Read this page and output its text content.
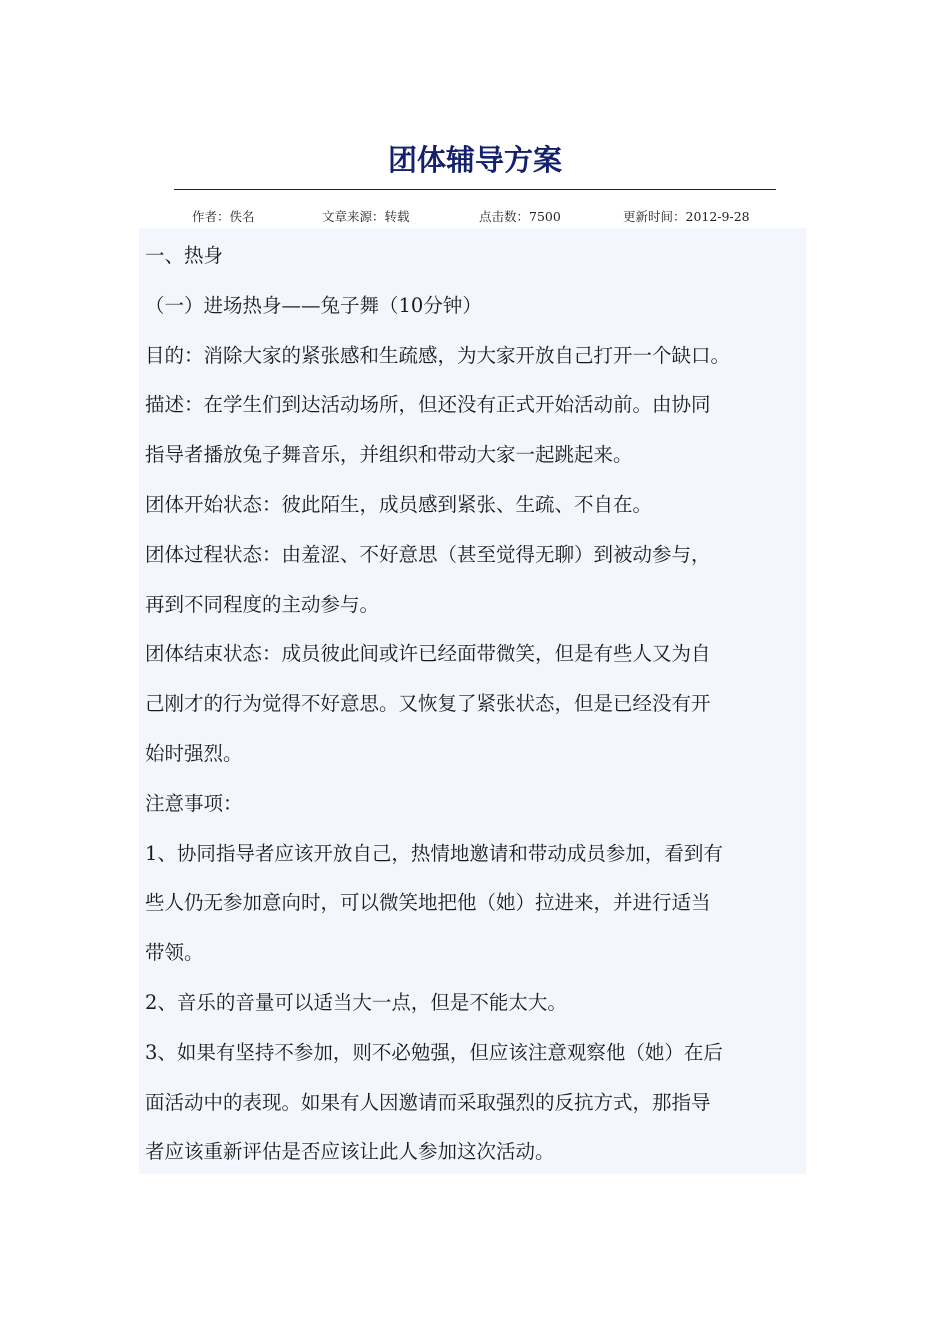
团体辅导方案
作者：佚名	文章来源：转载	点击数：7500	更新时间：2012-9-28

一、热身

（一）进场热身——兔子舞（10分钟）

目的：消除大家的紧张感和生疏感，为大家开放自己打开一个缺口。

描述：在学生们到达活动场所，但还没有正式开始活动前。由协同

指导者播放兔子舞音乐，并组织和带动大家一起跳起来。

团体开始状态：彼此陌生，成员感到紧张、生疏、不自在。

团体过程状态：由羞涩、不好意思（甚至觉得无聊）到被动参与，

再到不同程度的主动参与。

团体结束状态：成员彼此间或许已经面带微笑，但是有些人又为自

己刚才的行为觉得不好意思。又恢复了紧张状态，但是已经没有开

始时强烈。

注意事项：

1、协同指导者应该开放自己，热情地邀请和带动成员参加，看到有

些人仍无参加意向时，可以微笑地把他（她）拉进来，并进行适当

带领。

2、音乐的音量可以适当大一点，但是不能太大。

3、如果有坚持不参加，则不必勉强，但应该注意观察他（她）在后

面活动中的表现。如果有人因邀请而采取强烈的反抗方式，那指导

者应该重新评估是否应该让此人参加这次活动。
